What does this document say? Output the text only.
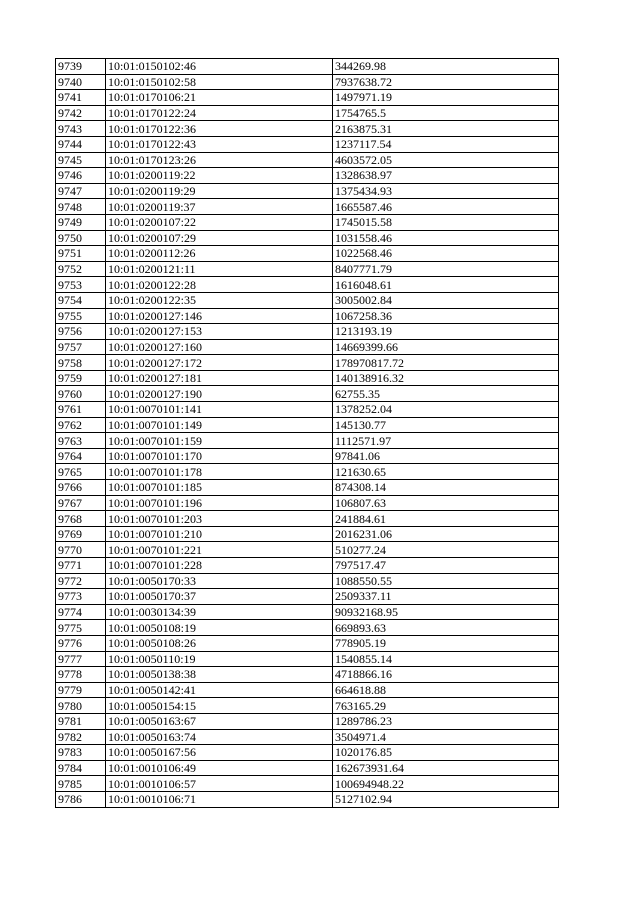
9739	10:01:0150102:46	344269.98
9740	10:01:0150102:58	7937638.72
9741	10:01:0170106:21	1497971.19
9742	10:01:0170122:24	1754765.5
9743	10:01:0170122:36	2163875.31
9744	10:01:0170122:43	1237117.54
9745	10:01:0170123:26	4603572.05
9746	10:01:0200119:22	1328638.97
9747	10:01:0200119:29	1375434.93
9748	10:01:0200119:37	1665587.46
9749	10:01:0200107:22	1745015.58
9750	10:01:0200107:29	1031558.46
9751	10:01:0200112:26	1022568.46
9752	10:01:0200121:11	8407771.79
9753	10:01:0200122:28	1616048.61
9754	10:01:0200122:35	3005002.84
9755	10:01:0200127:146	1067258.36
9756	10:01:0200127:153	1213193.19
9757	10:01:0200127:160	14669399.66
9758	10:01:0200127:172	178970817.72
9759	10:01:0200127:181	140138916.32
9760	10:01:0200127:190	62755.35
9761	10:01:0070101:141	1378252.04
9762	10:01:0070101:149	145130.77
9763	10:01:0070101:159	1112571.97
9764	10:01:0070101:170	97841.06
9765	10:01:0070101:178	121630.65
9766	10:01:0070101:185	874308.14
9767	10:01:0070101:196	106807.63
9768	10:01:0070101:203	241884.61
9769	10:01:0070101:210	2016231.06
9770	10:01:0070101:221	510277.24
9771	10:01:0070101:228	797517.47
9772	10:01:0050170:33	1088550.55
9773	10:01:0050170:37	2509337.11
9774	10:01:0030134:39	90932168.95
9775	10:01:0050108:19	669893.63
9776	10:01:0050108:26	778905.19
9777	10:01:0050110:19	1540855.14
9778	10:01:0050138:38	4718866.16
9779	10:01:0050142:41	664618.88
9780	10:01:0050154:15	763165.29
9781	10:01:0050163:67	1289786.23
9782	10:01:0050163:74	3504971.4
9783	10:01:0050167:56	1020176.85
9784	10:01:0010106:49	162673931.64
9785	10:01:0010106:57	100694948.22
9786	10:01:0010106:71	5127102.94
